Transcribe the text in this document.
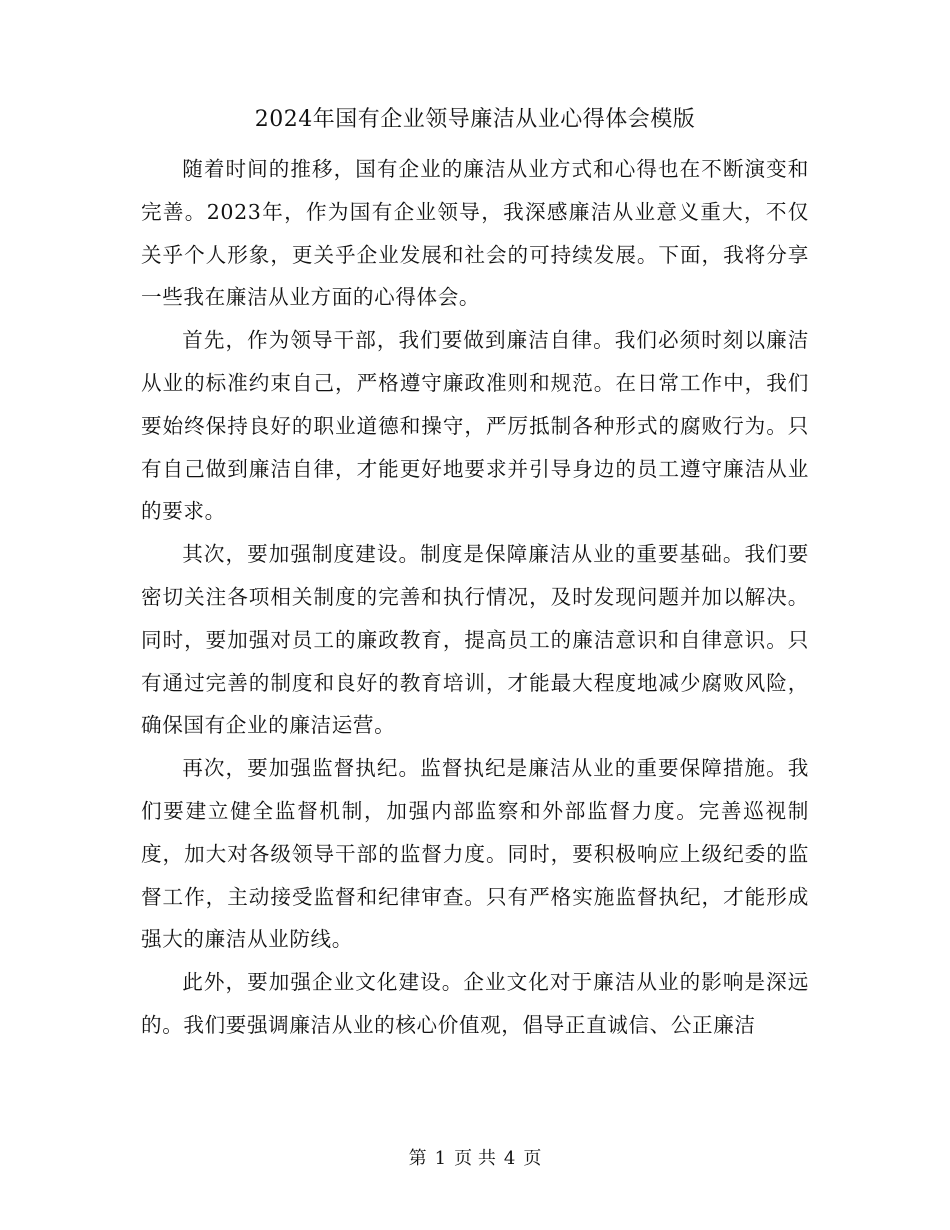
2024年国有企业领导廉洁从业心得体会模版

随着时间的推移，国有企业的廉洁从业方式和心得也在不断演变和完善。2023年，作为国有企业领导，我深感廉洁从业意义重大，不仅关乎个人形象，更关乎企业发展和社会的可持续发展。下面，我将分享一些我在廉洁从业方面的心得体会。

首先，作为领导干部，我们要做到廉洁自律。我们必须时刻以廉洁从业的标准约束自己，严格遵守廉政准则和规范。在日常工作中，我们要始终保持良好的职业道德和操守，严厉抵制各种形式的腐败行为。只有自己做到廉洁自律，才能更好地要求并引导身边的员工遵守廉洁从业的要求。

其次，要加强制度建设。制度是保障廉洁从业的重要基础。我们要密切关注各项相关制度的完善和执行情况，及时发现问题并加以解决。同时，要加强对员工的廉政教育，提高员工的廉洁意识和自律意识。只有通过完善的制度和良好的教育培训，才能最大程度地减少腐败风险，确保国有企业的廉洁运营。

再次，要加强监督执纪。监督执纪是廉洁从业的重要保障措施。我们要建立健全监督机制，加强内部监察和外部监督力度。完善巡视制度，加大对各级领导干部的监督力度。同时，要积极响应上级纪委的监督工作，主动接受监督和纪律审查。只有严格实施监督执纪，才能形成强大的廉洁从业防线。

此外，要加强企业文化建设。企业文化对于廉洁从业的影响是深远的。我们要强调廉洁从业的核心价值观，倡导正直诚信、公正廉洁

第 1 页 共 4 页
